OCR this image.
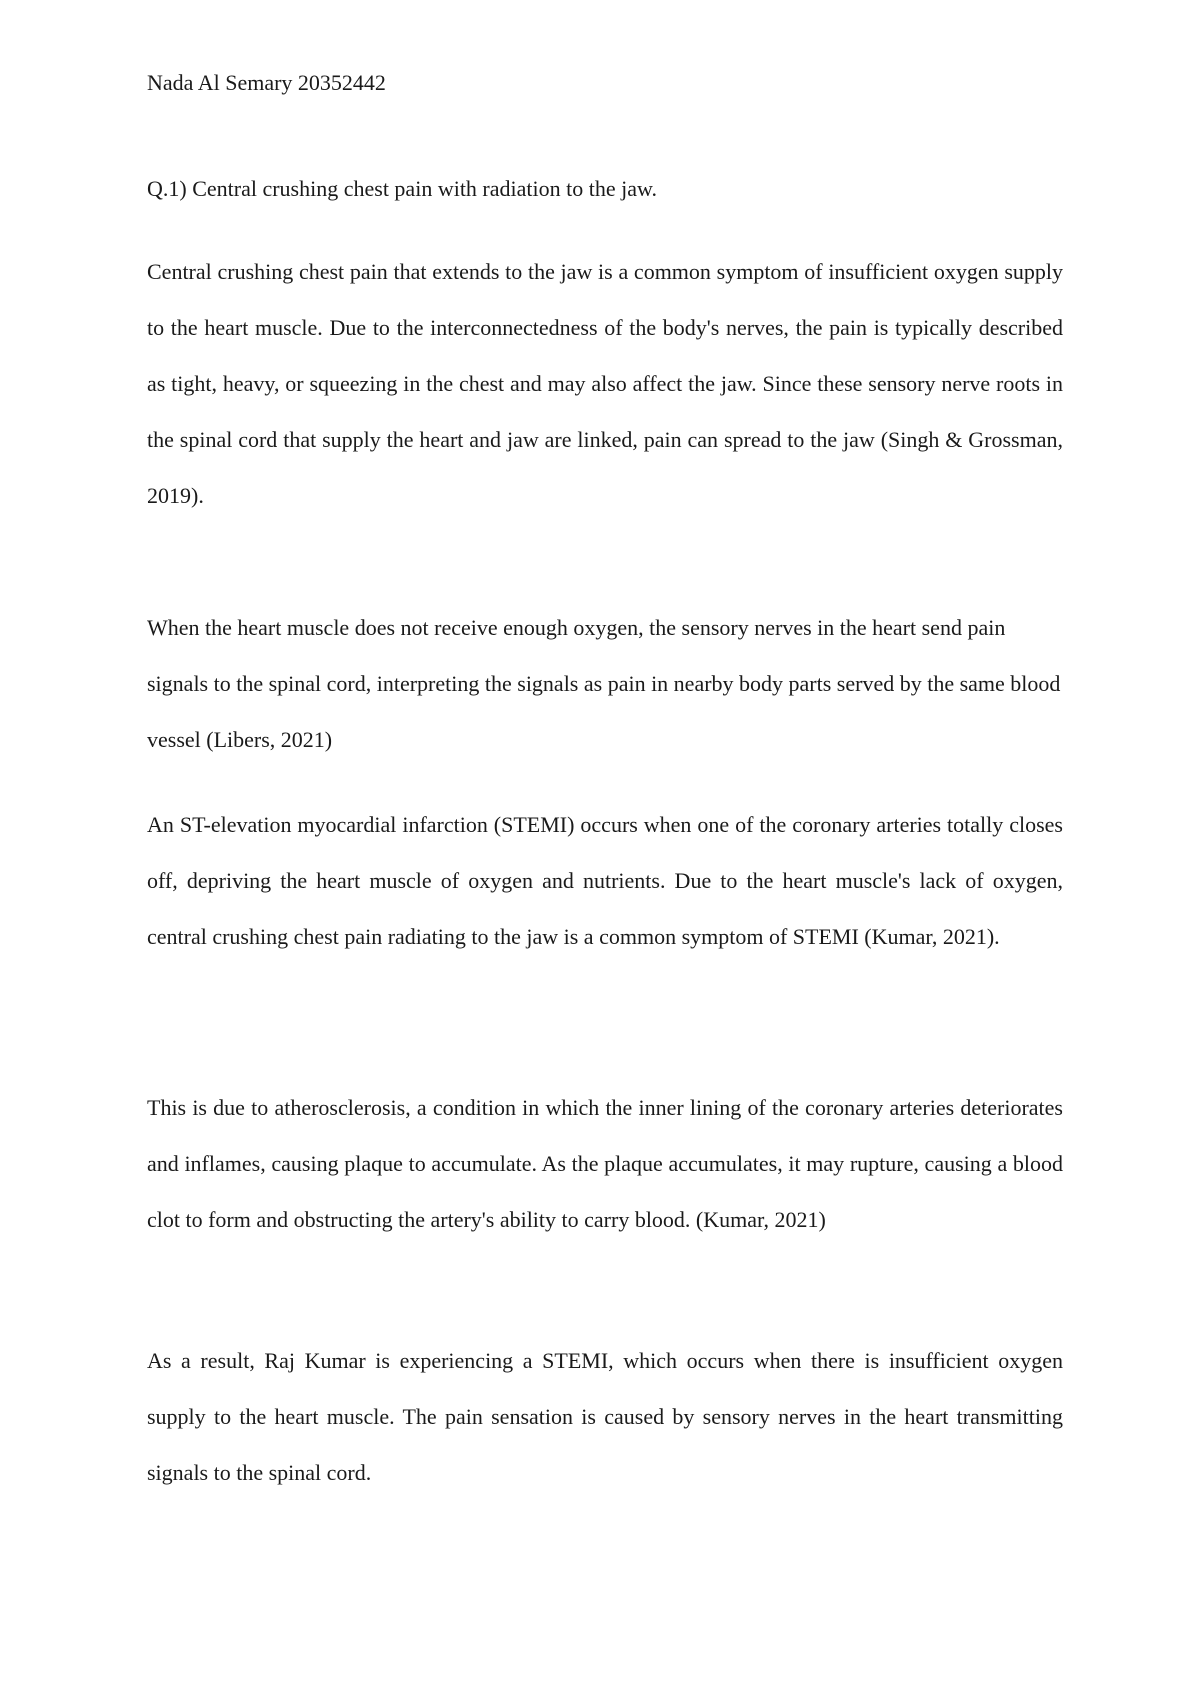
Nada Al Semary 20352442

Q.1) Central crushing chest pain with radiation to the jaw.

Central crushing chest pain that extends to the jaw is a common symptom of insufficient oxygen supply to the heart muscle. Due to the interconnectedness of the body's nerves, the pain is typically described as tight, heavy, or squeezing in the chest and may also affect the jaw. Since these sensory nerve roots in the spinal cord that supply the heart and jaw are linked, pain can spread to the jaw (Singh & Grossman, 2019).

When the heart muscle does not receive enough oxygen, the sensory nerves in the heart send pain signals to the spinal cord, interpreting the signals as pain in nearby body parts served by the same blood vessel (Libers, 2021)

An ST-elevation myocardial infarction (STEMI) occurs when one of the coronary arteries totally closes off, depriving the heart muscle of oxygen and nutrients. Due to the heart muscle's lack of oxygen, central crushing chest pain radiating to the jaw is a common symptom of STEMI (Kumar, 2021).

This is due to atherosclerosis, a condition in which the inner lining of the coronary arteries deteriorates and inflames, causing plaque to accumulate. As the plaque accumulates, it may rupture, causing a blood clot to form and obstructing the artery's ability to carry blood. (Kumar, 2021)

As a result, Raj Kumar is experiencing a STEMI, which occurs when there is insufficient oxygen supply to the heart muscle. The pain sensation is caused by sensory nerves in the heart transmitting signals to the spinal cord.
